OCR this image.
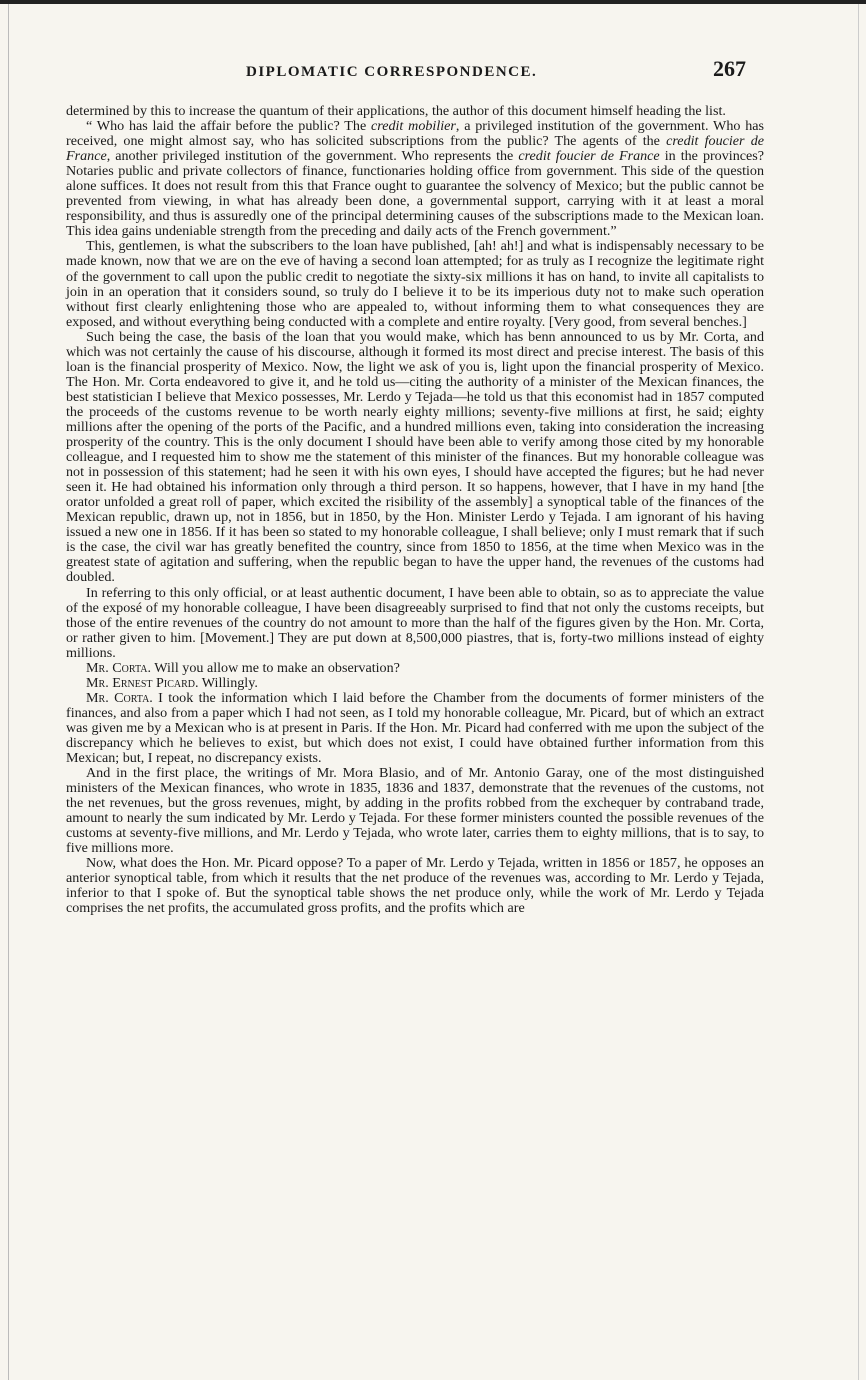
DIPLOMATIC CORRESPONDENCE.	267

determined by this to increase the quantum of their applications, the author of this document himself heading the list.

“ Who has laid the affair before the public? The credit mobilier, a privileged institution of the government. Who has received, one might almost say, who has solicited subscriptions from the public? The agents of the credit foucier de France, another privileged institution of the government. Who represents the credit foucier de France in the provinces? Notaries public and private collectors of finance, functionaries holding office from government. This side of the question alone suffices. It does not result from this that France ought to guarantee the solvency of Mexico; but the public cannot be prevented from viewing, in what has already been done, a governmental support, carrying with it at least a moral responsibility, and thus is assuredly one of the principal determining causes of the subscriptions made to the Mexican loan. This idea gains undeniable strength from the preceding and daily acts of the French government.”

This, gentlemen, is what the subscribers to the loan have published, [ah! ah!] and what is indispensably necessary to be made known, now that we are on the eve of having a second loan attempted; for as truly as I recognize the legitimate right of the government to call upon the public credit to negotiate the sixty-six millions it has on hand, to invite all capitalists to join in an operation that it considers sound, so truly do I believe it to be its imperious duty not to make such operation without first clearly enlightening those who are appealed to, without informing them to what consequences they are exposed, and without everything being conducted with a complete and entire royalty. [Very good, from several benches.]

Such being the case, the basis of the loan that you would make, which has benn announced to us by Mr. Corta, and which was not certainly the cause of his discourse, although it formed its most direct and precise interest. The basis of this loan is the financial prosperity of Mexico. Now, the light we ask of you is, light upon the financial prosperity of Mexico. The Hon. Mr. Corta endeavored to give it, and he told us—citing the authority of a minister of the Mexican finances, the best statistician I believe that Mexico possesses, Mr. Lerdo y Tejada—he told us that this economist had in 1857 computed the proceeds of the customs revenue to be worth nearly eighty millions; seventy-five millions at first, he said; eighty millions after the opening of the ports of the Pacific, and a hundred millions even, taking into consideration the increasing prosperity of the country. This is the only document I should have been able to verify among those cited by my honorable colleague, and I requested him to show me the statement of this minister of the finances. But my honorable colleague was not in possession of this statement; had he seen it with his own eyes, I should have accepted the figures; but he had never seen it. He had obtained his information only through a third person. It so happens, however, that I have in my hand [the orator unfolded a great roll of paper, which excited the risibility of the assembly] a synoptical table of the finances of the Mexican republic, drawn up, not in 1856, but in 1850, by the Hon. Minister Lerdo y Tejada. I am ignorant of his having issued a new one in 1856. If it has been so stated to my honorable colleague, I shall believe; only I must remark that if such is the case, the civil war has greatly benefited the country, since from 1850 to 1856, at the time when Mexico was in the greatest state of agitation and suffering, when the republic began to have the upper hand, the revenues of the customs had doubled.

In referring to this only official, or at least authentic document, I have been able to obtain, so as to appreciate the value of the exposé of my honorable colleague, I have been disagreeably surprised to find that not only the customs receipts, but those of the entire revenues of the country do not amount to more than the half of the figures given by the Hon. Mr. Corta, or rather given to him. [Movement.] They are put down at 8,500,000 piastres, that is, forty-two millions instead of eighty millions.

Mr. Corta. Will you allow me to make an observation?

Mr. Ernest Picard. Willingly.

Mr. Corta. I took the information which I laid before the Chamber from the documents of former ministers of the finances, and also from a paper which I had not seen, as I told my honorable colleague, Mr. Picard, but of which an extract was given me by a Mexican who is at present in Paris. If the Hon. Mr. Picard had conferred with me upon the subject of the discrepancy which he believes to exist, but which does not exist, I could have obtained further information from this Mexican; but, I repeat, no discrepancy exists.

And in the first place, the writings of Mr. Mora Blasio, and of Mr. Antonio Garay, one of the most distinguished ministers of the Mexican finances, who wrote in 1835, 1836 and 1837, demonstrate that the revenues of the customs, not the net revenues, but the gross revenues, might, by adding in the profits robbed from the exchequer by contraband trade, amount to nearly the sum indicated by Mr. Lerdo y Tejada. For these former ministers counted the possible revenues of the customs at seventy-five millions, and Mr. Lerdo y Tejada, who wrote later, carries them to eighty millions, that is to say, to five millions more.

Now, what does the Hon. Mr. Picard oppose? To a paper of Mr. Lerdo y Tejada, written in 1856 or 1857, he opposes an anterior synoptical table, from which it results that the net produce of the revenues was, according to Mr. Lerdo y Tejada, inferior to that I spoke of. But the synoptical table shows the net produce only, while the work of Mr. Lerdo y Tejada comprises the net profits, the accumulated gross profits, and the profits which are
